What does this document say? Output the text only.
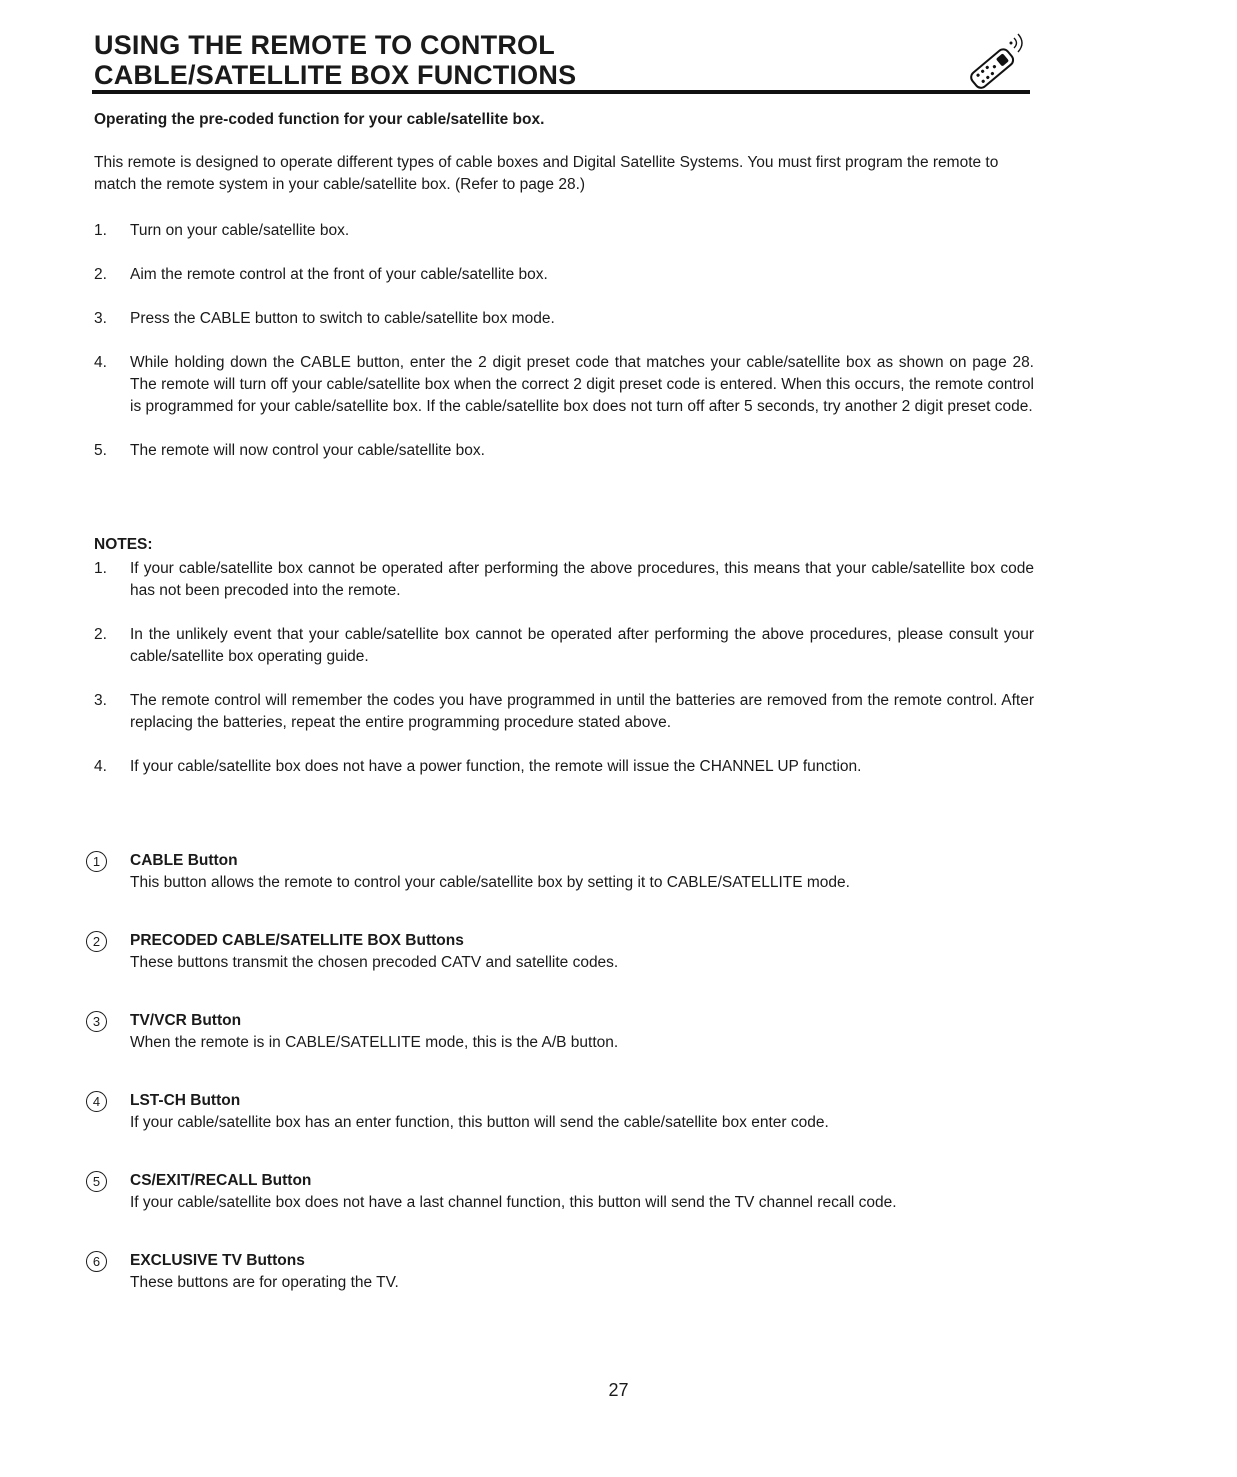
USING THE REMOTE TO CONTROL
CABLE/SATELLITE BOX FUNCTIONS

Operating the pre-coded function for your cable/satellite box.

This remote is designed to operate different types of cable boxes and Digital Satellite Systems. You must first program the remote to match the remote system in your cable/satellite box. (Refer to page 28.)

1.	Turn on your cable/satellite box.
2.	Aim the remote control at the front of your cable/satellite box.
3.	Press the CABLE button to switch to cable/satellite box mode.
4.	While holding down the CABLE button, enter the 2 digit preset code that matches your cable/satellite box as shown on page 28. The remote will turn off your cable/satellite box when the correct 2 digit preset code is entered. When this occurs, the remote control is programmed for your cable/satellite box. If the cable/satellite box does not turn off after 5 seconds, try another 2 digit preset code.
5.	The remote will now control your cable/satellite box.

NOTES:

1.	If your cable/satellite box cannot be operated after performing the above procedures, this means that your cable/satellite box code has not been precoded into the remote.
2.	In the unlikely event that your cable/satellite box cannot be operated after performing the above procedures, please consult your cable/satellite box operating guide.
3.	The remote control will remember the codes you have programmed in until the batteries are removed from the remote control. After replacing the batteries, repeat the entire programming procedure stated above.
4.	If your cable/satellite box does not have a power function, the remote will issue the CHANNEL UP function.
1	CABLE Button
This button allows the remote to control your cable/satellite box by setting it to CABLE/SATELLITE mode.
2	PRECODED CABLE/SATELLITE BOX Buttons
These buttons transmit the chosen precoded CATV and satellite codes.
3	TV/VCR Button
When the remote is in CABLE/SATELLITE mode, this is the A/B button.
4	LST-CH Button
If your cable/satellite box has an enter function, this button will send the cable/satellite box enter code.
5	CS/EXIT/RECALL Button
If your cable/satellite box does not have a last channel function, this button will send the TV channel recall code.
6	EXCLUSIVE TV Buttons
These buttons are for operating the TV.
27
